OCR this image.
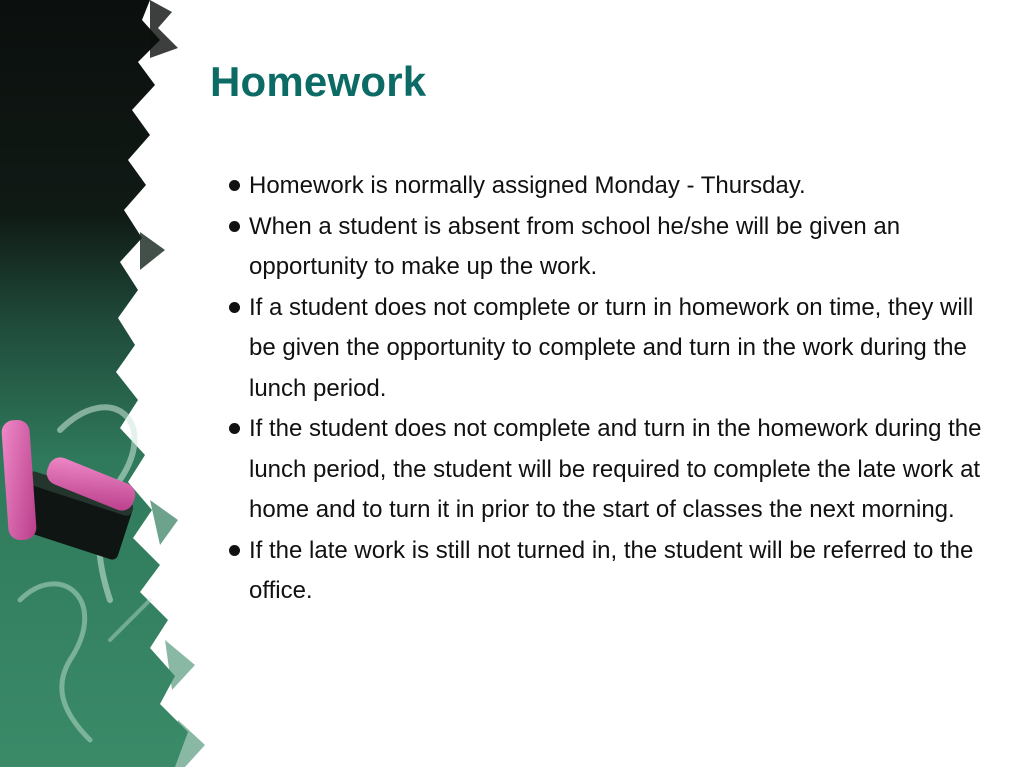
Homework
Homework is normally assigned Monday - Thursday.
When a student is absent from school he/she will be given an opportunity to make up the work.
If a student does not complete or turn in homework on time, they will be given the opportunity to complete and turn in the work during the lunch period.
If the student does not complete and turn in the homework during the lunch period, the student will be required to complete the late work at home and to turn it in prior to the start of classes the next morning.
If the late work is still not turned in, the student will be referred to the office.
